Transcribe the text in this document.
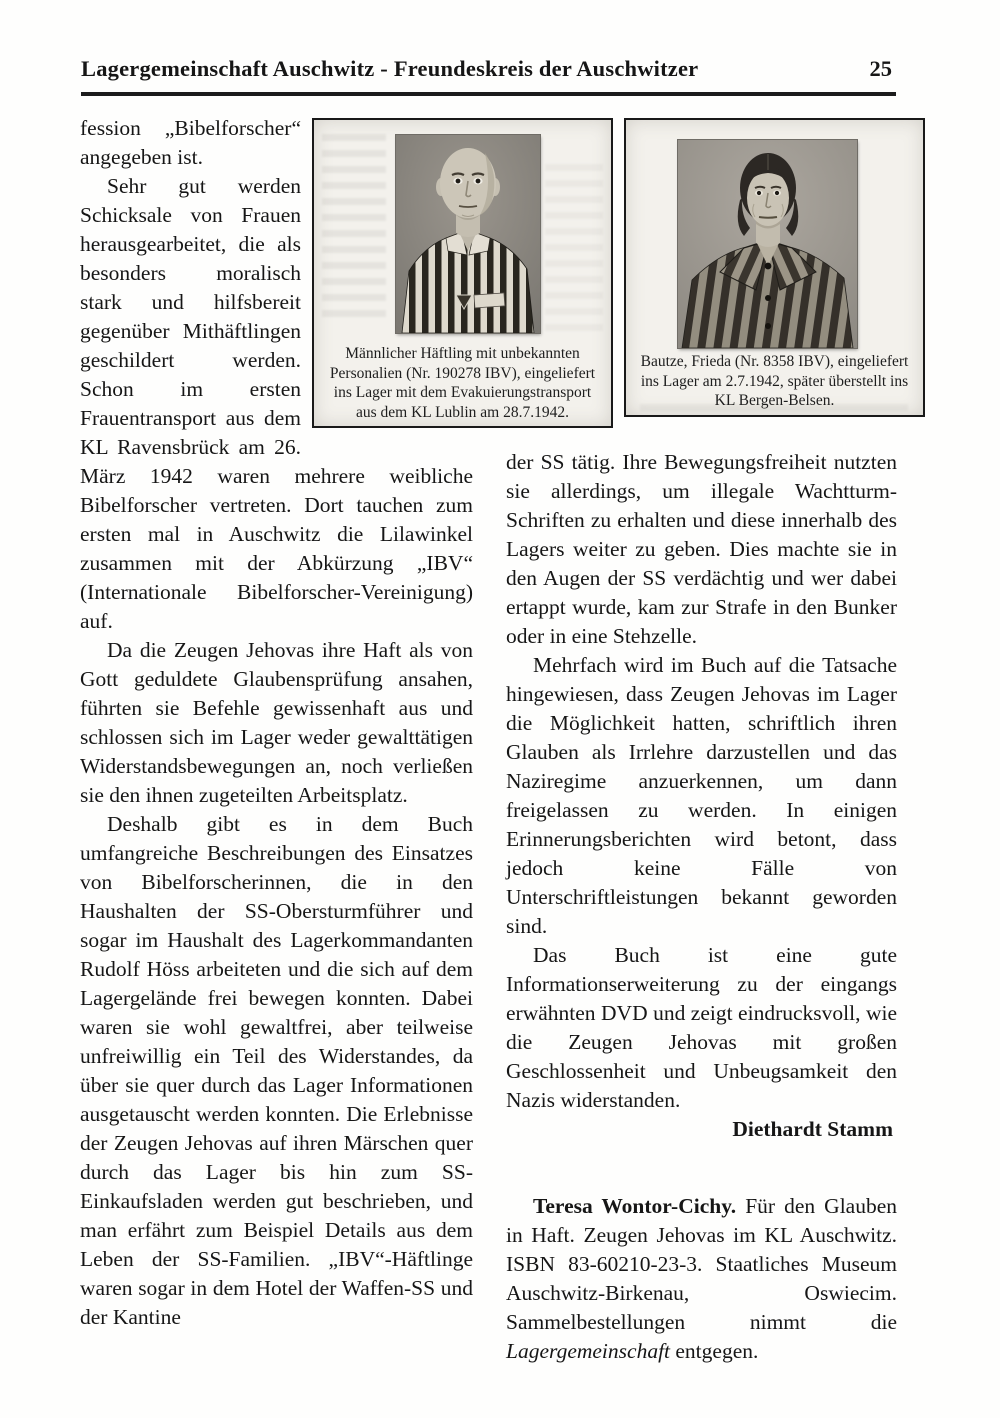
Lagergemeinschaft Auschwitz - Freundeskreis der Auschwitzer	25
Männlicher Häftling mit unbekannten Personalien (Nr. 190278 IBV), eingeliefert ins Lager mit dem Evakuierungstransport aus dem KL Lublin am 28.7.1942.
Bautze, Frieda (Nr. 8358 IBV), eingeliefert ins Lager am 2.7.1942, später überstellt ins KL Bergen-Belsen.

fession „Bibelforscher“ angegeben ist.

Sehr gut werden Schicksale von Frauen herausgearbeitet, die als besonders moralisch stark und hilfsbereit gegenüber Mithäftlingen geschildert werden. Schon im ersten Frauentransport aus dem KL Ravensbrück am 26. März 1942 waren mehrere weibliche Bibelforscher vertreten. Dort tauchen zum ersten mal in Auschwitz die Lilawinkel zusammen mit der Abkürzung „IBV“ (Internationale Bibelforscher-Vereinigung) auf.

Da die Zeugen Jehovas ihre Haft als von Gott geduldete Glaubensprüfung ansahen, führten sie Befehle gewissenhaft aus und schlossen sich im Lager weder gewalttätigen Widerstandsbewegungen an, noch verließen sie den ihnen zugeteilten Arbeitsplatz.

Deshalb gibt es in dem Buch umfangreiche Beschreibungen des Einsatzes von Bibelforscherinnen, die in den Haushalten der SS-Obersturmführer und sogar im Haushalt des Lagerkommandanten Rudolf Höss arbeiteten und die sich auf dem Lagergelände frei bewegen konnten. Dabei waren sie wohl gewaltfrei, aber teilweise unfreiwillig ein Teil des Widerstandes, da über sie quer durch das Lager Informationen ausgetauscht werden konnten. Die Erlebnisse der Zeugen Jehovas auf ihren Märschen quer durch das Lager bis hin zum SS-Einkaufsladen werden gut beschrieben, und man erfährt zum Beispiel Details aus dem Leben der SS-Familien. „IBV“-Häftlinge waren sogar in dem Hotel der Waffen-SS und der Kantine

der SS tätig. Ihre Bewegungsfreiheit nutzten sie allerdings, um illegale Wachtturm-Schriften zu erhalten und diese innerhalb des Lagers weiter zu geben. Dies machte sie in den Augen der SS verdächtig und wer dabei ertappt wurde, kam zur Strafe in den Bunker oder in eine Stehzelle.

Mehrfach wird im Buch auf die Tatsache hingewiesen, dass Zeugen Jehovas im Lager die Möglichkeit hatten, schriftlich ihren Glauben als Irrlehre darzustellen und das Naziregime anzuerkennen, um dann freigelassen zu werden. In einigen Erinnerungsberichten wird betont, dass jedoch keine Fälle von Unterschriftleistungen bekannt geworden sind.

Das Buch ist eine gute Informationserweiterung zu der eingangs erwähnten DVD und zeigt eindrucksvoll, wie die Zeugen Jehovas mit großen Geschlossenheit und Unbeugsamkeit den Nazis widerstanden.

Diethardt Stamm

Teresa Wontor-Cichy. Für den Glauben in Haft. Zeugen Jehovas im KL Auschwitz. ISBN 83-60210-23-3. Staatliches Museum Auschwitz-Birkenau, Oswiecim. Sammelbestellungen nimmt die Lagergemeinschaft entgegen.
